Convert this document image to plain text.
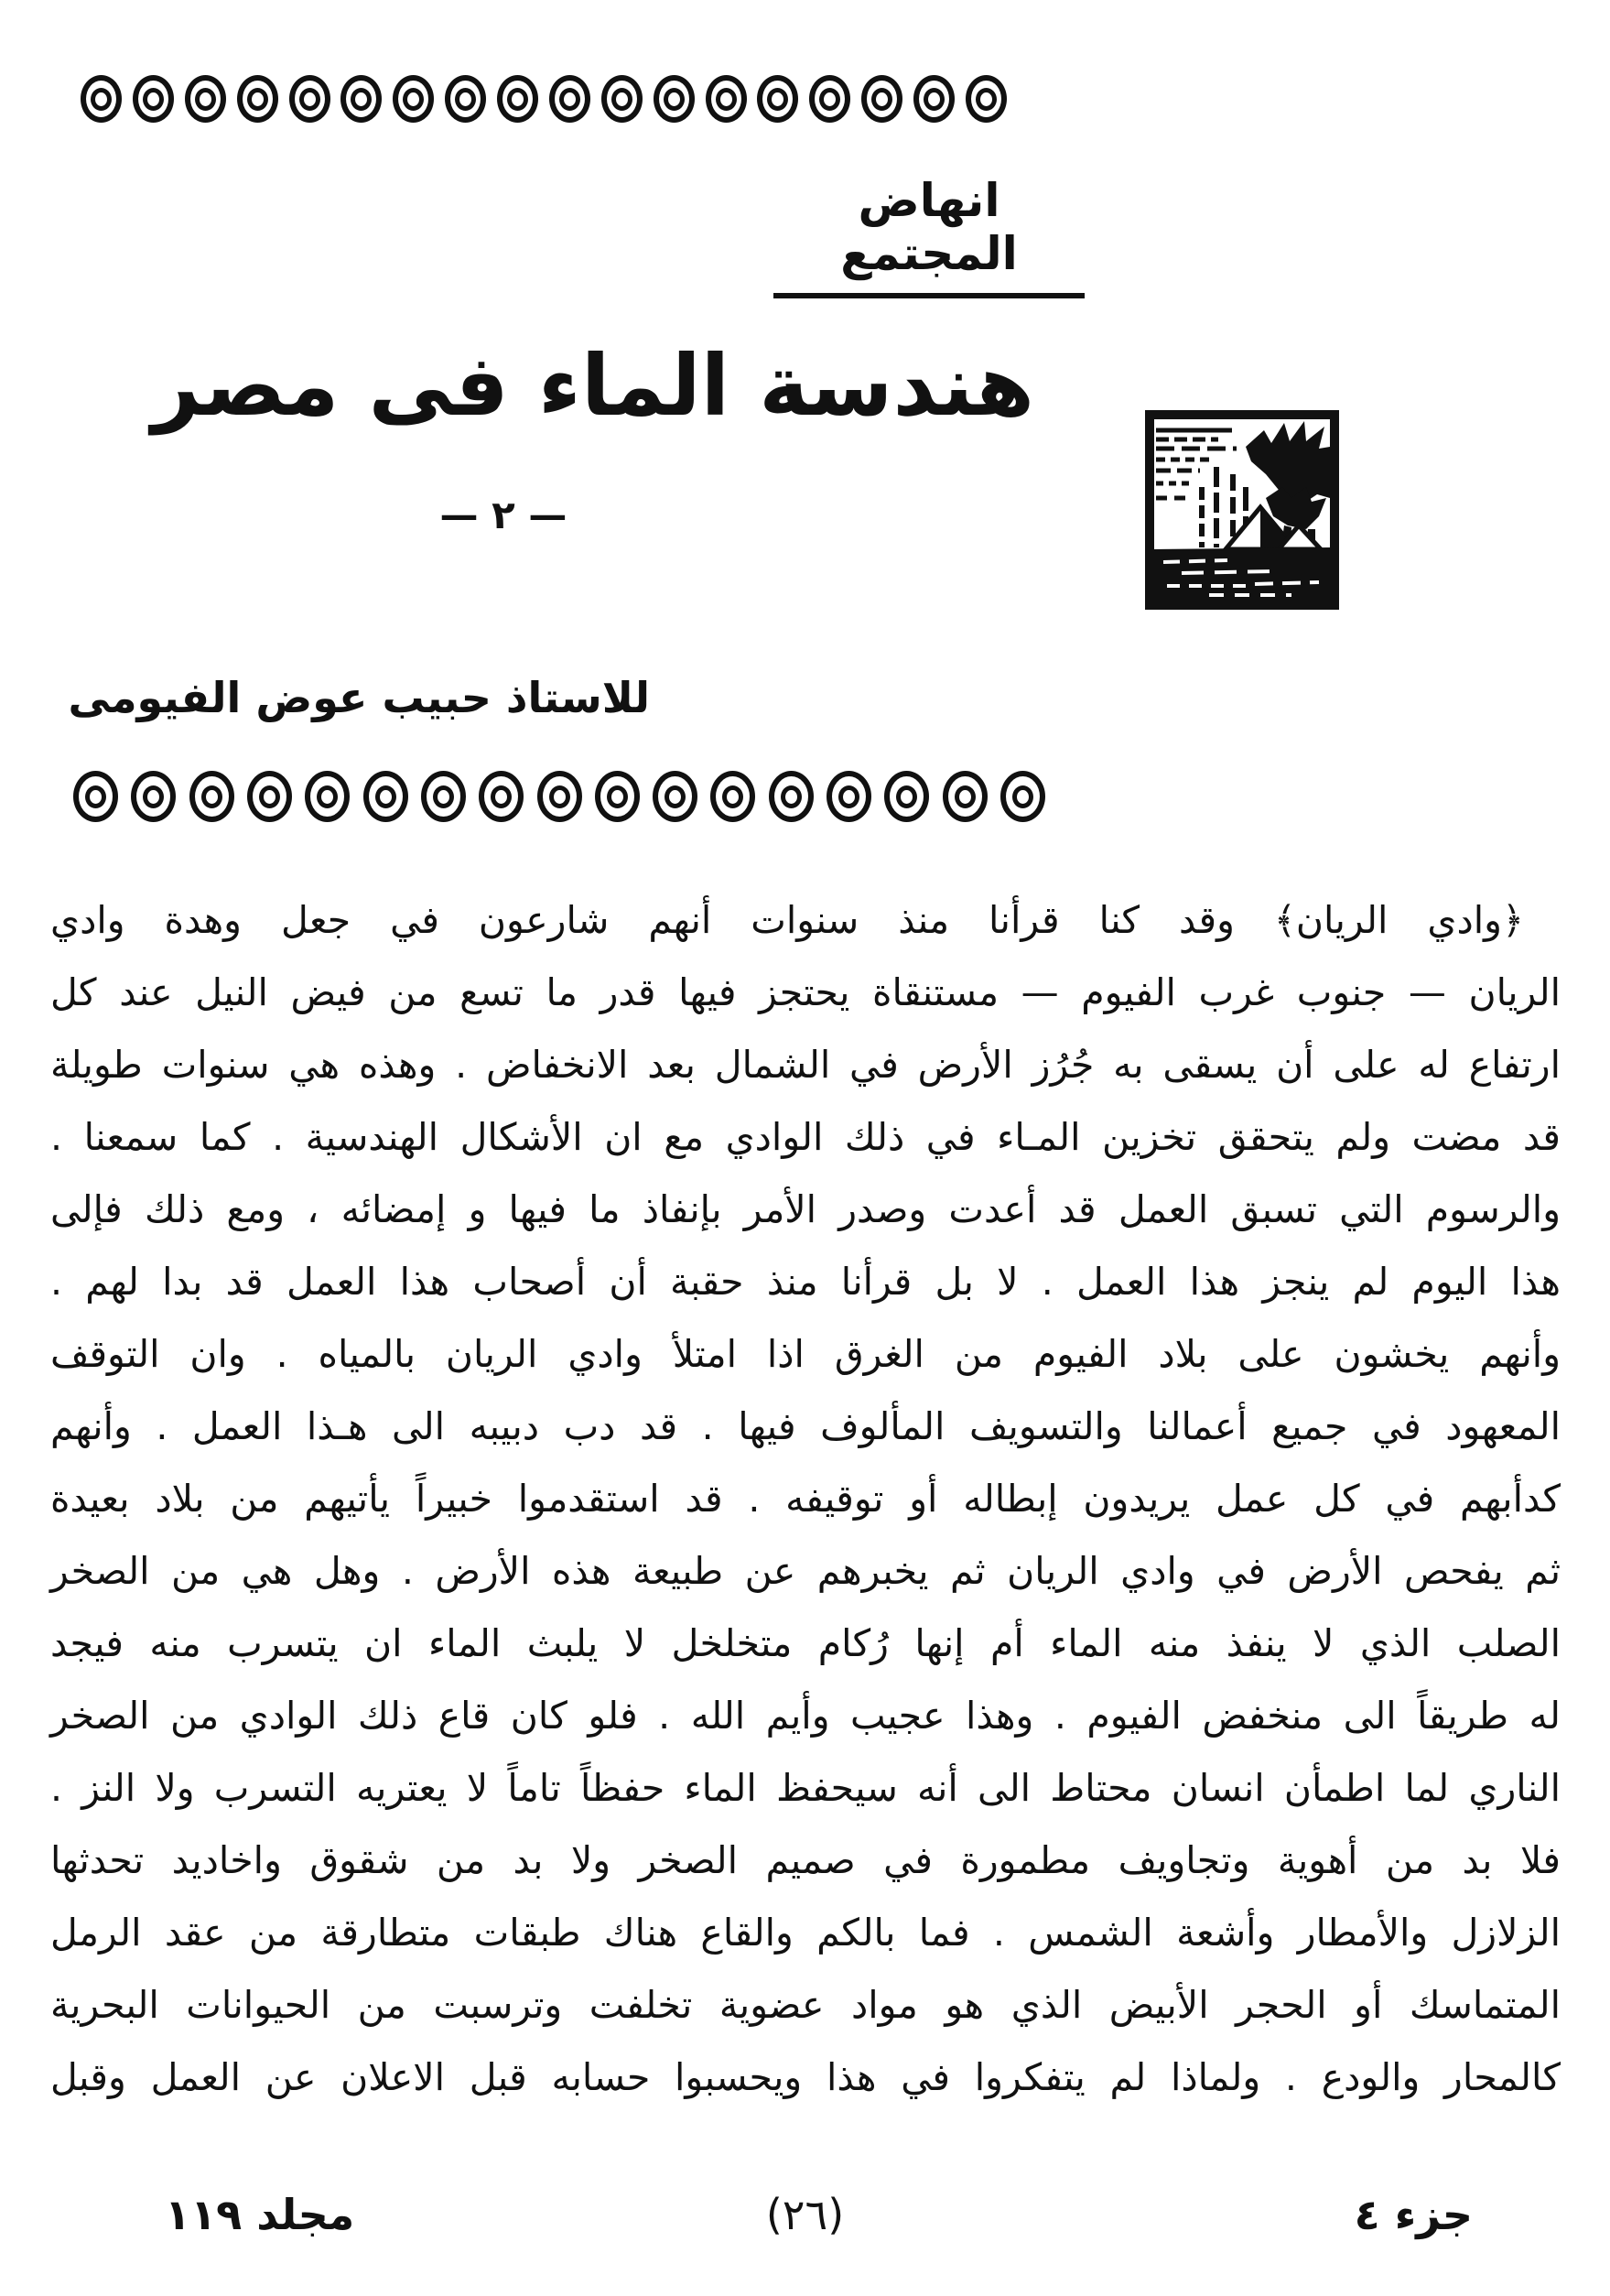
انهاض المجتمع
هندسة الماء فى مصر
— ٢ —
للاستاذ حبيب عوض الفيومى
﴿وادي الريان﴾ وقد كنا قرأنا منذ سنوات أنهم شارعون في جعل وهدة وادي
الريان — جنوب غرب الفيوم — مستنقاة يحتجز فيها قدر ما تسع من فيض النيل عند كل
ارتفاع له على أن يسقى به جُرُز الأرض في الشمال بعد الانخفاض . وهذه هي سنوات طويلة
قد مضت ولم يتحقق تخزين المـاء في ذلك الوادي مع ان الأشكال الهندسية . كما سمعنا .
والرسوم التي تسبق العمل قد أعدت وصدر الأمر بإنفاذ ما فيها و إمضائه ، ومع ذلك فإلى
هذا اليوم لم ينجز هذا العمل . لا بل قرأنا منذ حقبة أن أصحاب هذا العمل قد بدا لهم .
وأنهم يخشون على بلاد الفيوم من الغرق اذا امتلأ وادي الريان بالمياه . وان التوقف
المعهود في جميع أعمالنا والتسويف المألوف فيها . قد دب دبيبه الى هـذا العمل . وأنهم
كدأبهم في كل عمل يريدون إبطاله أو توقيفه . قد استقدموا خبيراً يأتيهم من بلاد بعيدة
ثم يفحص الأرض في وادي الريان ثم يخبرهم عن طبيعة هذه الأرض . وهل هي من الصخر
الصلب الذي لا ينفذ منه الماء أم إنها رُكام متخلخل لا يلبث الماء ان يتسرب منه فيجد
له طريقاً الى منخفض الفيوم . وهذا عجيب وأيم الله . فلو كان قاع ذلك الوادي من الصخر
الناري لما اطمأن انسان محتاط الى أنه سيحفظ الماء حفظاً تاماً لا يعتريه التسرب ولا النز .
فلا بد من أهوية وتجاويف مطمورة في صميم الصخر ولا بد من شقوق واخاديد تحدثها
الزلازل والأمطار وأشعة الشمس . فما بالكم والقاع هناك طبقات متطارقة من عقد الرمل
المتماسك أو الحجر الأبيض الذي هو مواد عضوية تخلفت وترسبت من الحيوانات البحرية
كالمحار والودع . ولماذا لم يتفكروا في هذا ويحسبوا حسابه قبل الاعلان عن العمل وقبل
جزء ٤
(٢٦)
مجلد ١١٩
